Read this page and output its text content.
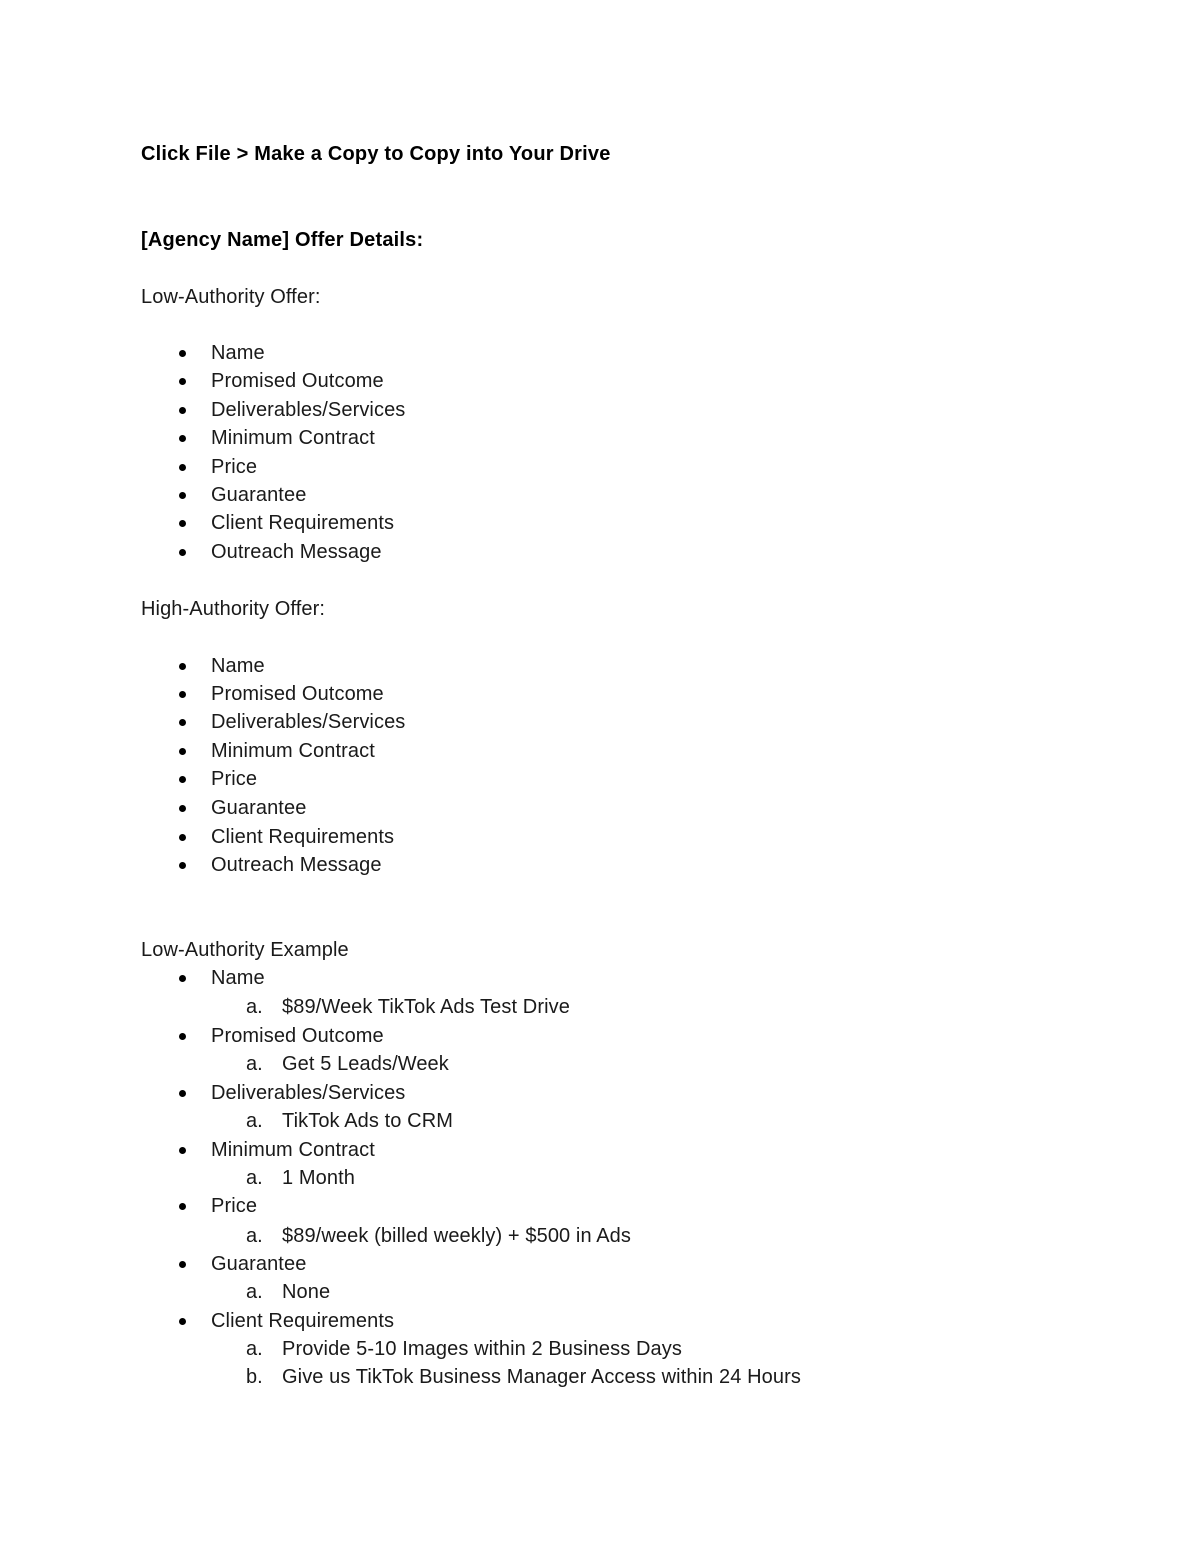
Click File > Make a Copy to Copy into Your Drive
[Agency Name] Offer Details:
Low-Authority Offer:
Name
Promised Outcome
Deliverables/Services
Minimum Contract
Price
Guarantee
Client Requirements
Outreach Message
High-Authority Offer:
Name
Promised Outcome
Deliverables/Services
Minimum Contract
Price
Guarantee
Client Requirements
Outreach Message
Low-Authority Example
Name
a. $89/Week TikTok Ads Test Drive
Promised Outcome
a. Get 5 Leads/Week
Deliverables/Services
a. TikTok Ads to CRM
Minimum Contract
a. 1 Month
Price
a. $89/week (billed weekly) + $500 in Ads
Guarantee
a. None
Client Requirements
a. Provide 5-10 Images within 2 Business Days
b. Give us TikTok Business Manager Access within 24 Hours
